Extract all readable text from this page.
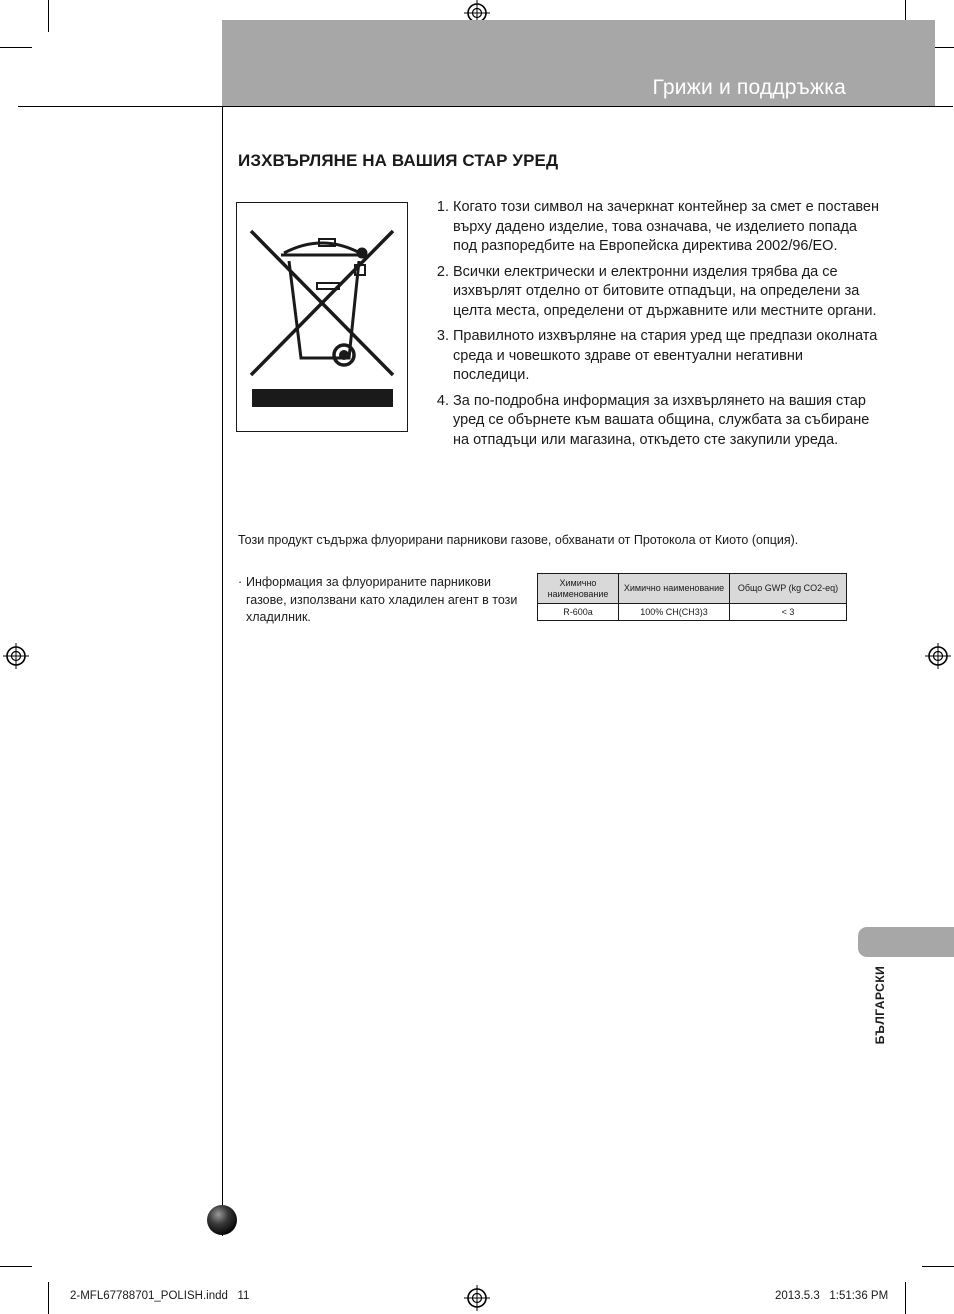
Грижи и поддръжка
ИЗХВЪРЛЯНЕ НА ВАШИЯ СТАР УРЕД
1. Когато този символ на зачеркнат контейнер за смет е поставен върху дадено изделие, това означава, че изделието попада под разпоредбите на Европейска директива 2002/96/EO.
2. Всички електрически и електронни изделия трябва да се изхвърлят отделно от битовите отпадъци, на определени за целта места, определени от държавните или местните органи.
3. Правилното изхвърляне на стария уред ще предпази околната среда и човешкото здраве от евентуални негативни последици.
4. За по-подробна информация за изхвърлянето на вашия стар уред се обърнете към вашата община, службата за събиране на отпадъци или магазина, откъдето сте закупили уреда.
Този продукт съдържа флуорирани парникови газове, обхванати от Протокола от Киото (опция).
· Информация за флуорираните парникови газове, използвани като хладилен агент в този хладилник.
Химично наименование	Химично наименование	Общо GWP (kg CO2-eq)
R-600a	100% CH(CH3)3	< 3
БЪЛГАРСКИ
2-MFL67788701_POLISH.indd   11	2013.5.3   1:51:36 PM
